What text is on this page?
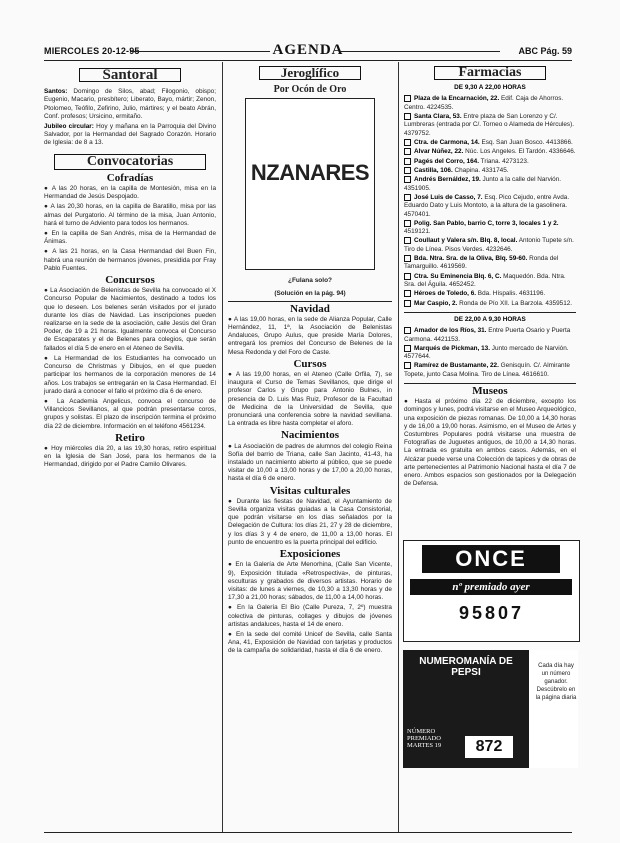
MIERCOLES 20-12-95	AGENDA	ABC Pág. 59
Santoral

Santos: Domingo de Silos, abad; Filogonio, obispo; Eugenio, Macario, presbítero; Liberato, Bayo, mártir; Zenon, Ptolomeo, Teófilo, Zefirino, Julio, mártires; y el beato Abrán, Conf. profesos; Ursicino, ermitaño.

Jubileo circular: Hoy y mañana en la Parroquia del Divino Salvador, por la Hermandad del Sagrado Corazón. Horario de Iglesia: de 8 a 13.

Convocatorias
Cofradías

● A las 20 horas, en la capilla de Montesión, misa en la Hermandad de Jesús Despojado.

● A las 20,30 horas, en la capilla de Baratillo, misa por las almas del Purgatorio. Al término de la misa, Juan Antonio, hará el turno de Adviento para todos los hermanos.

● En la capilla de San Andrés, misa de la Hermandad de Ánimas.

● A las 21 horas, en la Casa Hermandad del Buen Fin, habrá una reunión de hermanos jóvenes, presidida por Fray Pablo Fuentes.

Concursos

● La Asociación de Belenistas de Sevilla ha convocado el X Concurso Popular de Nacimientos, destinado a todos los que lo deseen. Los belenes serán visitados por el jurado durante los días de Navidad. Las inscripciones pueden realizarse en la sede de la asociación, calle Jesús del Gran Poder, de 19 a 21 horas. Igualmente convoca el Concurso de Escaparates y el de Belenes para colegios, que serán fallados el día 5 de enero en el Ateneo de Sevilla.

● La Hermandad de los Estudiantes ha convocado un Concurso de Christmas y Dibujos, en el que pueden participar los hermanos de la corporación menores de 14 años. Los trabajos se entregarán en la Casa Hermandad. El jurado dará a conocer el fallo el próximo día 6 de enero.

● La Academia Angelicus, convoca el concurso de Villancicos Sevillanos, al que podrán presentarse coros, grupos y solistas. El plazo de inscripción termina el próximo día 22 de diciembre. Información en el teléfono 4561234.

Retiro

● Hoy miércoles día 20, a las 19,30 horas, retiro espiritual en la Iglesia de San José, para los hermanos de la Hermandad, dirigido por el Padre Camilo Olivares.

Jeroglífico
Por Ocón de Oro
NZANARES
¿Fulana solo?
(Solución en la pág. 94)
Navidad

● A las 19,00 horas, en la sede de Alianza Popular, Calle Hernández, 11, 1ª, la Asociación de Belenistas Andaluces, Grupo Aulus, que preside María Dolores, entregará los premios del Concurso de Belenes de la Mesa Redonda y del Foro de Caste.

Cursos

● A las 19,00 horas, en el Ateneo (Calle Orfila, 7), se inaugura el Curso de Temas Sevillanos, que dirige el profesor Carlos y Grupo para Antonio Bulnes, in presencia de D. Luis Mas Ruiz, Profesor de la Facultad de Medicina de la Universidad de Sevilla, que pronunciará una conferencia sobre la navidad sevillana. La entrada es libre hasta completar el aforo.

Nacimientos

● La Asociación de padres de alumnos del colegio Reina Sofía del barrio de Triana, calle San Jacinto, 41-43, ha instalado un nacimiento abierto al público, que se puede visitar de 10,00 a 13,00 horas y de 17,00 a 20,00 horas, hasta el día 6 de enero.

Visitas culturales

● Durante las fiestas de Navidad, el Ayuntamiento de Sevilla organiza visitas guiadas a la Casa Consistorial, que podrán visitarse en los días señalados por la Delegación de Cultura: los días 21, 27 y 28 de diciembre, y los días 3 y 4 de enero, de 11,00 a 13,00 horas. El punto de encuentro es la puerta principal del edificio.

Exposiciones

● En la Galería de Arte Menorhina, (Calle San Vicente, 9), Exposición titulada «Retrospectiva», de pinturas, esculturas y grabados de diversos artistas. Horario de visitas: de lunes a viernes, de 10,30 a 13,30 horas y de 17,30 a 21,00 horas; sábados, de 11,00 a 14,00 horas.

● En la Galería El Bio (Calle Pureza, 7, 2º) muestra colectiva de pinturas, collages y dibujos de jóvenes artistas andaluces, hasta el 14 de enero.

● En la sede del comité Unicef de Sevilla, calle Santa Ana, 41, Exposición de Navidad con tarjetas y productos de la campaña de solidaridad, hasta el día 6 de enero.

Farmacias
DE 9,30 A 22,00 HORAS
Plaza de la Encarnación, 22. Edif. Caja de Ahorros. Centro. 4224535.
Santa Clara, 53. Entre plaza de San Lorenzo y C/. Lumbreras (entrada por C/. Torneo o Alameda de Hércules). 4379752.
Ctra. de Carmona, 14. Esq. San Juan Bosco. 4413866.
Alvar Núñez, 22. Núc. Los Angeles. El Tardón. 4336646.
Pagés del Corro, 164. Triana. 4273123.
Castilla, 106. Chapina. 4331745.
Andrés Bernáldez, 19. Junto a la calle del Narvión. 4351905.
José Luis de Casso, 7. Esq. Pico Cejudo, entre Avda. Eduardo Dato y Luis Montoto, a la altura de la gasolinera. 4570401.
Polig. San Pablo, barrio C, torre 3, locales 1 y 2. 4519121.
Coullaut y Valera s/n. Blq. 8, local. Antonio Tupete s/n. Tiro de Línea. Pisos Verdes. 4232646.
Bda. Ntra. Sra. de la Oliva, Blq. 59-60. Ronda del Tamarguillo. 4619569.
Ctra. Su Eminencia Blq. 6, C. Maquedón. Bda. Ntra. Sra. del Águila. 4652452.
Héroes de Toledo, 6. Bda. Híspalis. 4631196.
Mar Caspio, 2. Ronda de Pío XII. La Barzola. 4359512.
DE 22,00 A 9,30 HORAS
Amador de los Ríos, 31. Entre Puerta Osario y Puerta Carmona. 4421153.
Marqués de Pickman, 13. Junto mercado de Narvión. 4577644.
Ramírez de Bustamante, 22. Genisquín. C/. Almirante Topete, junto Casa Molina. Tiro de Línea. 4616610.
Museos

● Hasta el próximo día 22 de diciembre, excepto los domingos y lunes, podrá visitarse en el Museo Arqueológico, una exposición de piezas romanas. De 10,00 a 14,30 horas y de 16,00 a 19,00 horas. Asimismo, en el Museo de Artes y Costumbres Populares podrá visitarse una muestra de Fotografías de Juguetes antiguos, de 10,00 a 14,30 horas. La entrada es gratuita en ambos casos. Además, en el Alcázar puede verse una Colección de tapices y de obras de arte pertenecientes al Patrimonio Nacional hasta el día 7 de enero. Ambos espacios son gestionados por la Delegación de Defensa.

ONCE
nº premiado ayer
95807
NUMEROMANÍA DE PEPSI
NÚMERO
PREMIADO
MARTES 19	872
Cada día hay un número ganador. Descúbrelo en la página diaria
